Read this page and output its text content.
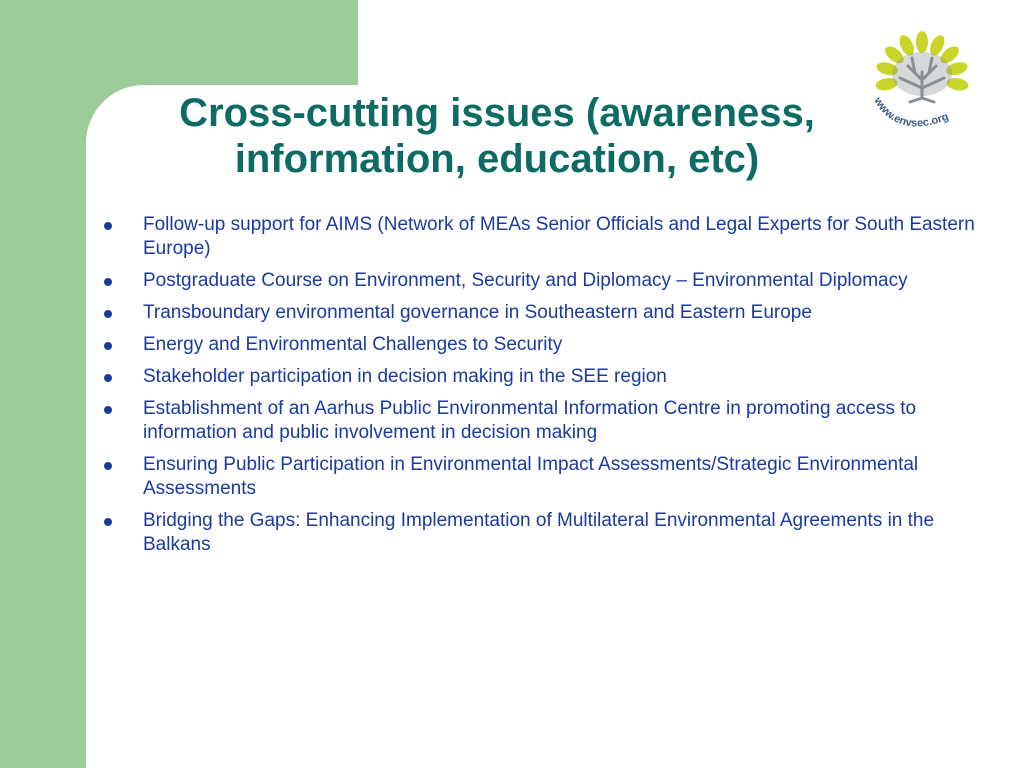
Cross-cutting issues (awareness, information, education, etc)
www.envsec.org
Follow-up support for AIMS (Network of MEAs Senior Officials and Legal Experts for South Eastern Europe)
Postgraduate Course on Environment, Security and Diplomacy – Environmental Diplomacy
Transboundary environmental governance in Southeastern and Eastern Europe
Energy and Environmental Challenges to Security
Stakeholder participation in decision making in the SEE region
Establishment of an Aarhus Public Environmental Information Centre in promoting access to information and public involvement in decision making
Ensuring Public Participation in Environmental Impact Assessments/Strategic Environmental Assessments
Bridging the Gaps: Enhancing Implementation of Multilateral Environmental Agreements in the Balkans
